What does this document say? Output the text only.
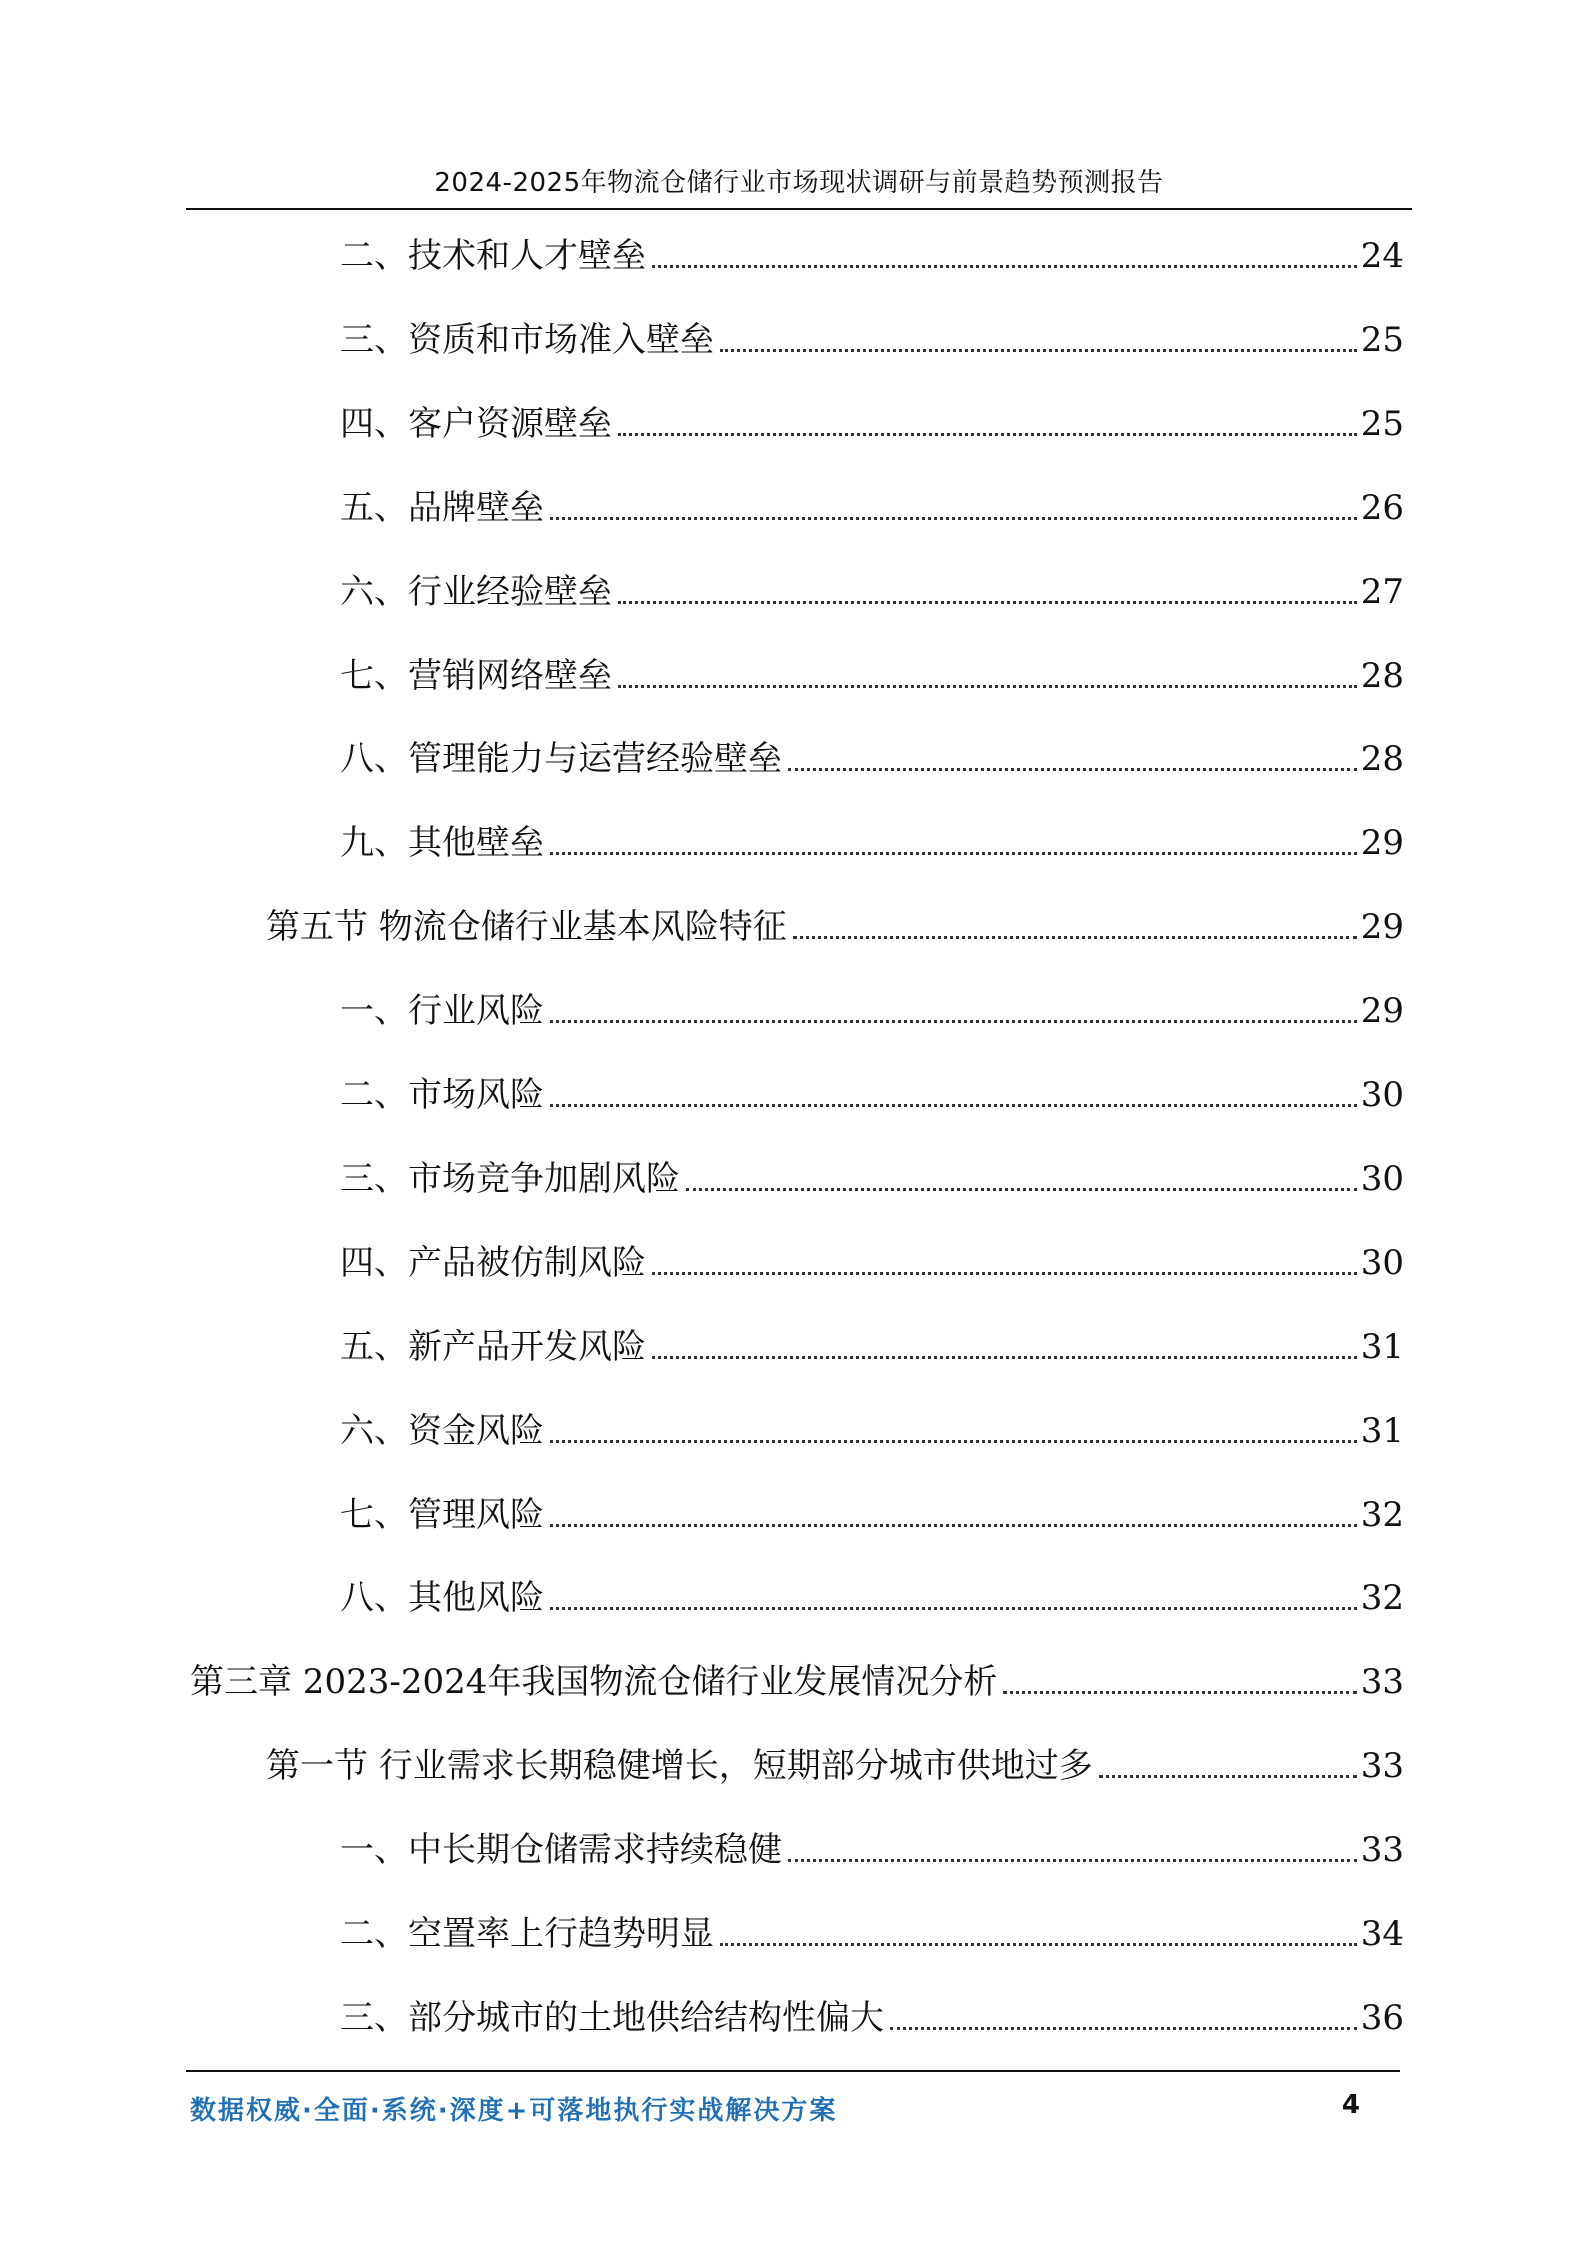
2024-2025年物流仓储行业市场现状调研与前景趋势预测报告
二、技术和人才壁垒	24
三、资质和市场准入壁垒	25
四、客户资源壁垒	25
五、品牌壁垒	26
六、行业经验壁垒	27
七、营销网络壁垒	28
八、管理能力与运营经验壁垒	28
九、其他壁垒	29
第五节 物流仓储行业基本风险特征	29
一、行业风险	29
二、市场风险	30
三、市场竞争加剧风险	30
四、产品被仿制风险	30
五、新产品开发风险	31
六、资金风险	31
七、管理风险	32
八、其他风险	32
第三章 2023-2024年我国物流仓储行业发展情况分析	33
第一节 行业需求长期稳健增长，短期部分城市供地过多	33
一、中长期仓储需求持续稳健	33
二、空置率上行趋势明显	34
三、部分城市的土地供给结构性偏大	36
数据权威·全面·系统·深度+可落地执行实战解决方案	4
